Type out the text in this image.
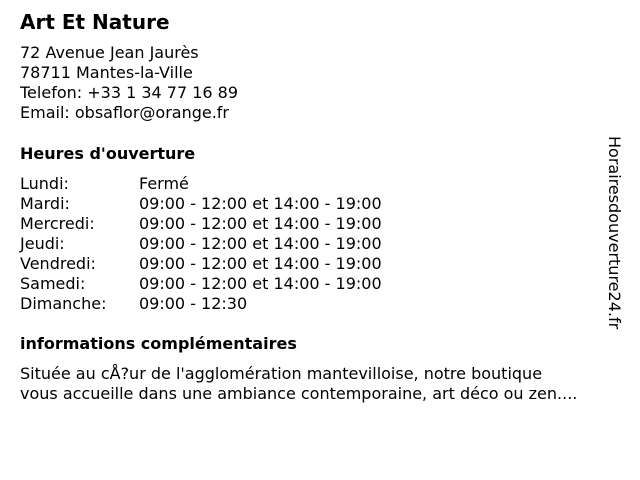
Art Et Nature
72 Avenue Jean Jaurès
78711 Mantes-la-Ville
Telefon: +33 1 34 77 16 89
Email: obsaflor@orange.fr
Heures d'ouverture
Lundi:	Fermé
Mardi:	09:00 - 12:00 et 14:00 - 19:00
Mercredi:	09:00 - 12:00 et 14:00 - 19:00
Jeudi:	09:00 - 12:00 et 14:00 - 19:00
Vendredi:	09:00 - 12:00 et 14:00 - 19:00
Samedi:	09:00 - 12:00 et 14:00 - 19:00
Dimanche:	09:00 - 12:30
informations complémentaires
Située au cÅ?ur de l'agglomération mantevilloise, notre boutique
vous accueille dans une ambiance contemporaine, art déco ou zen....
Horairesdouverture24.fr
